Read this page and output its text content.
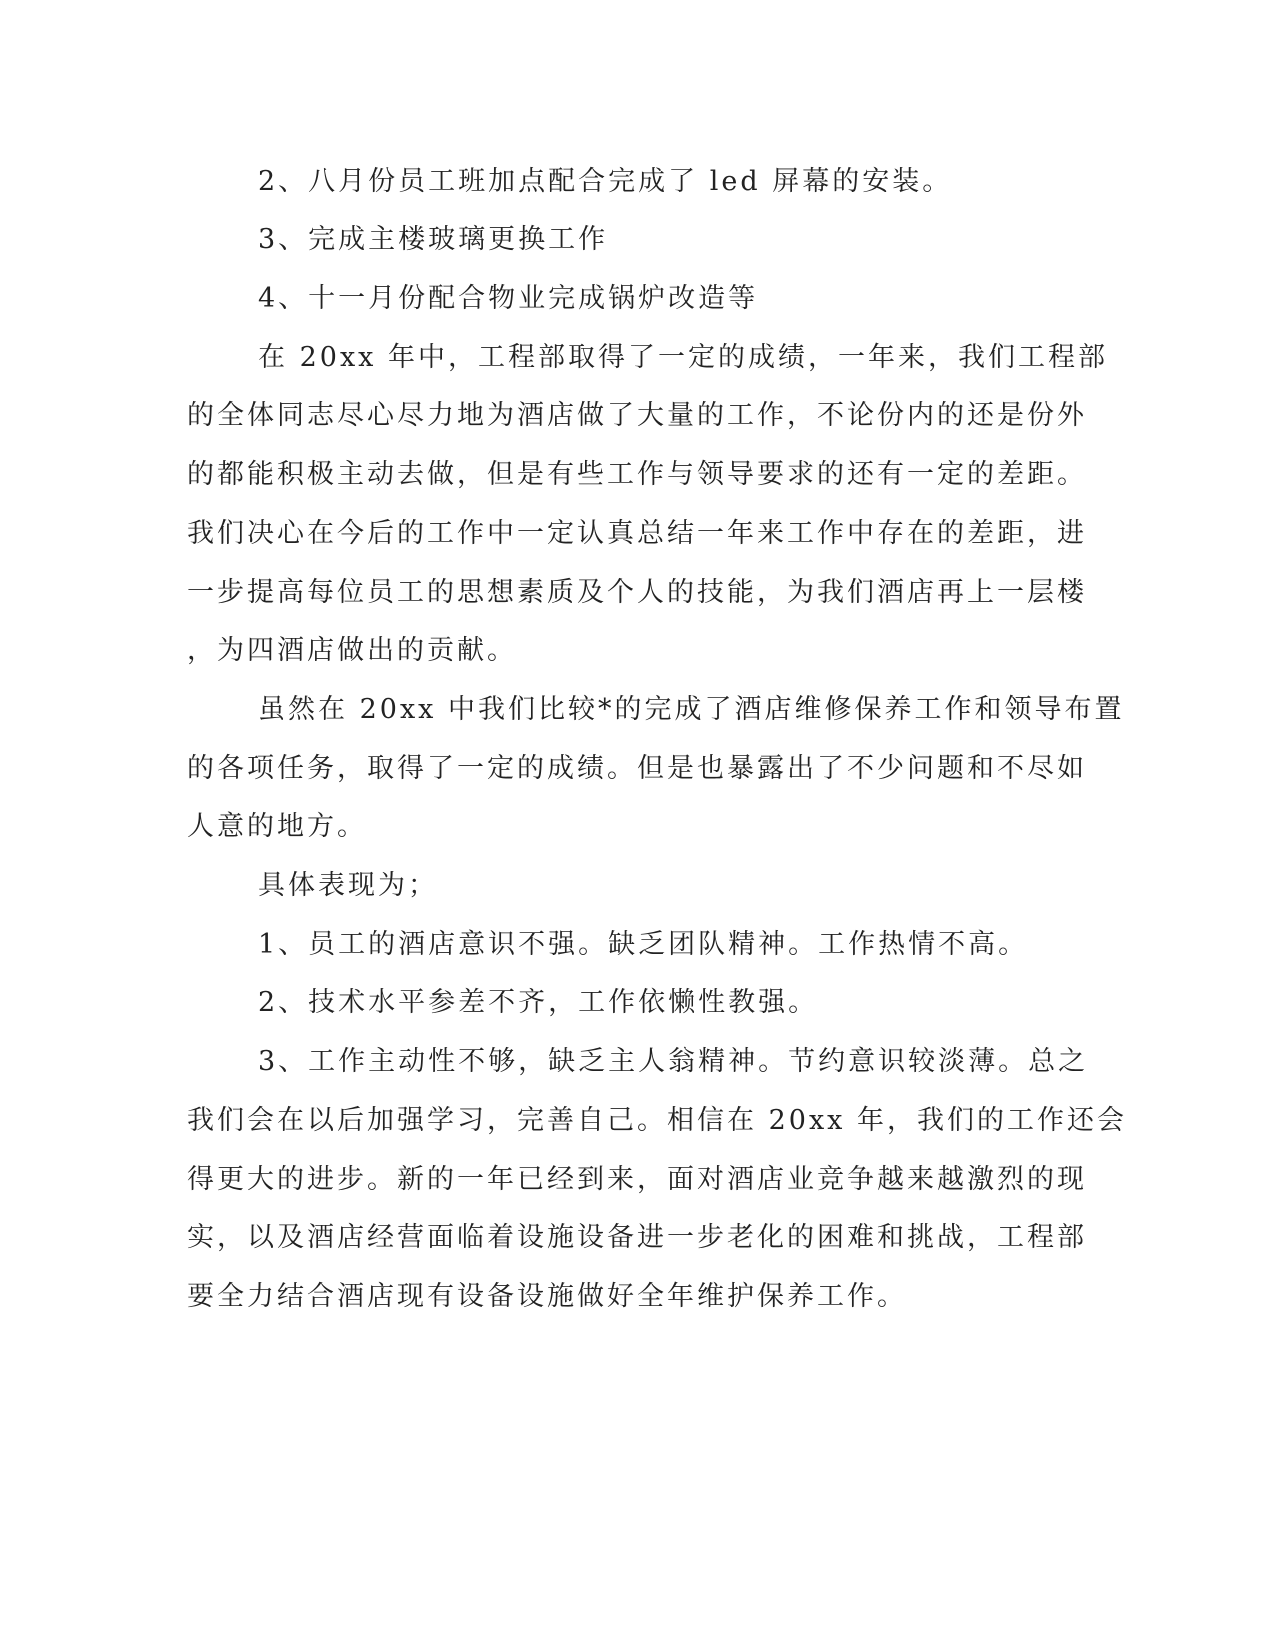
2、八月份员工班加点配合完成了 led 屏幕的安装。
3、完成主楼玻璃更换工作
4、十一月份配合物业完成锅炉改造等
在 20xx 年中，工程部取得了一定的成绩，一年来，我们工程部
的全体同志尽心尽力地为酒店做了大量的工作，不论份内的还是份外
的都能积极主动去做，但是有些工作与领导要求的还有一定的差距。
我们决心在今后的工作中一定认真总结一年来工作中存在的差距，进
一步提高每位员工的思想素质及个人的技能，为我们酒店再上一层楼
，为四酒店做出的贡献。
虽然在 20xx 中我们比较*的完成了酒店维修保养工作和领导布置
的各项任务，取得了一定的成绩。但是也暴露出了不少问题和不尽如
人意的地方。
具体表现为；
1、员工的酒店意识不强。缺乏团队精神。工作热情不高。
2、技术水平参差不齐，工作依懒性教强。
3、工作主动性不够，缺乏主人翁精神。节约意识较淡薄。总之
我们会在以后加强学习，完善自己。相信在 20xx 年，我们的工作还会
得更大的进步。新的一年已经到来，面对酒店业竞争越来越激烈的现
实，以及酒店经营面临着设施设备进一步老化的困难和挑战，工程部
要全力结合酒店现有设备设施做好全年维护保养工作。
